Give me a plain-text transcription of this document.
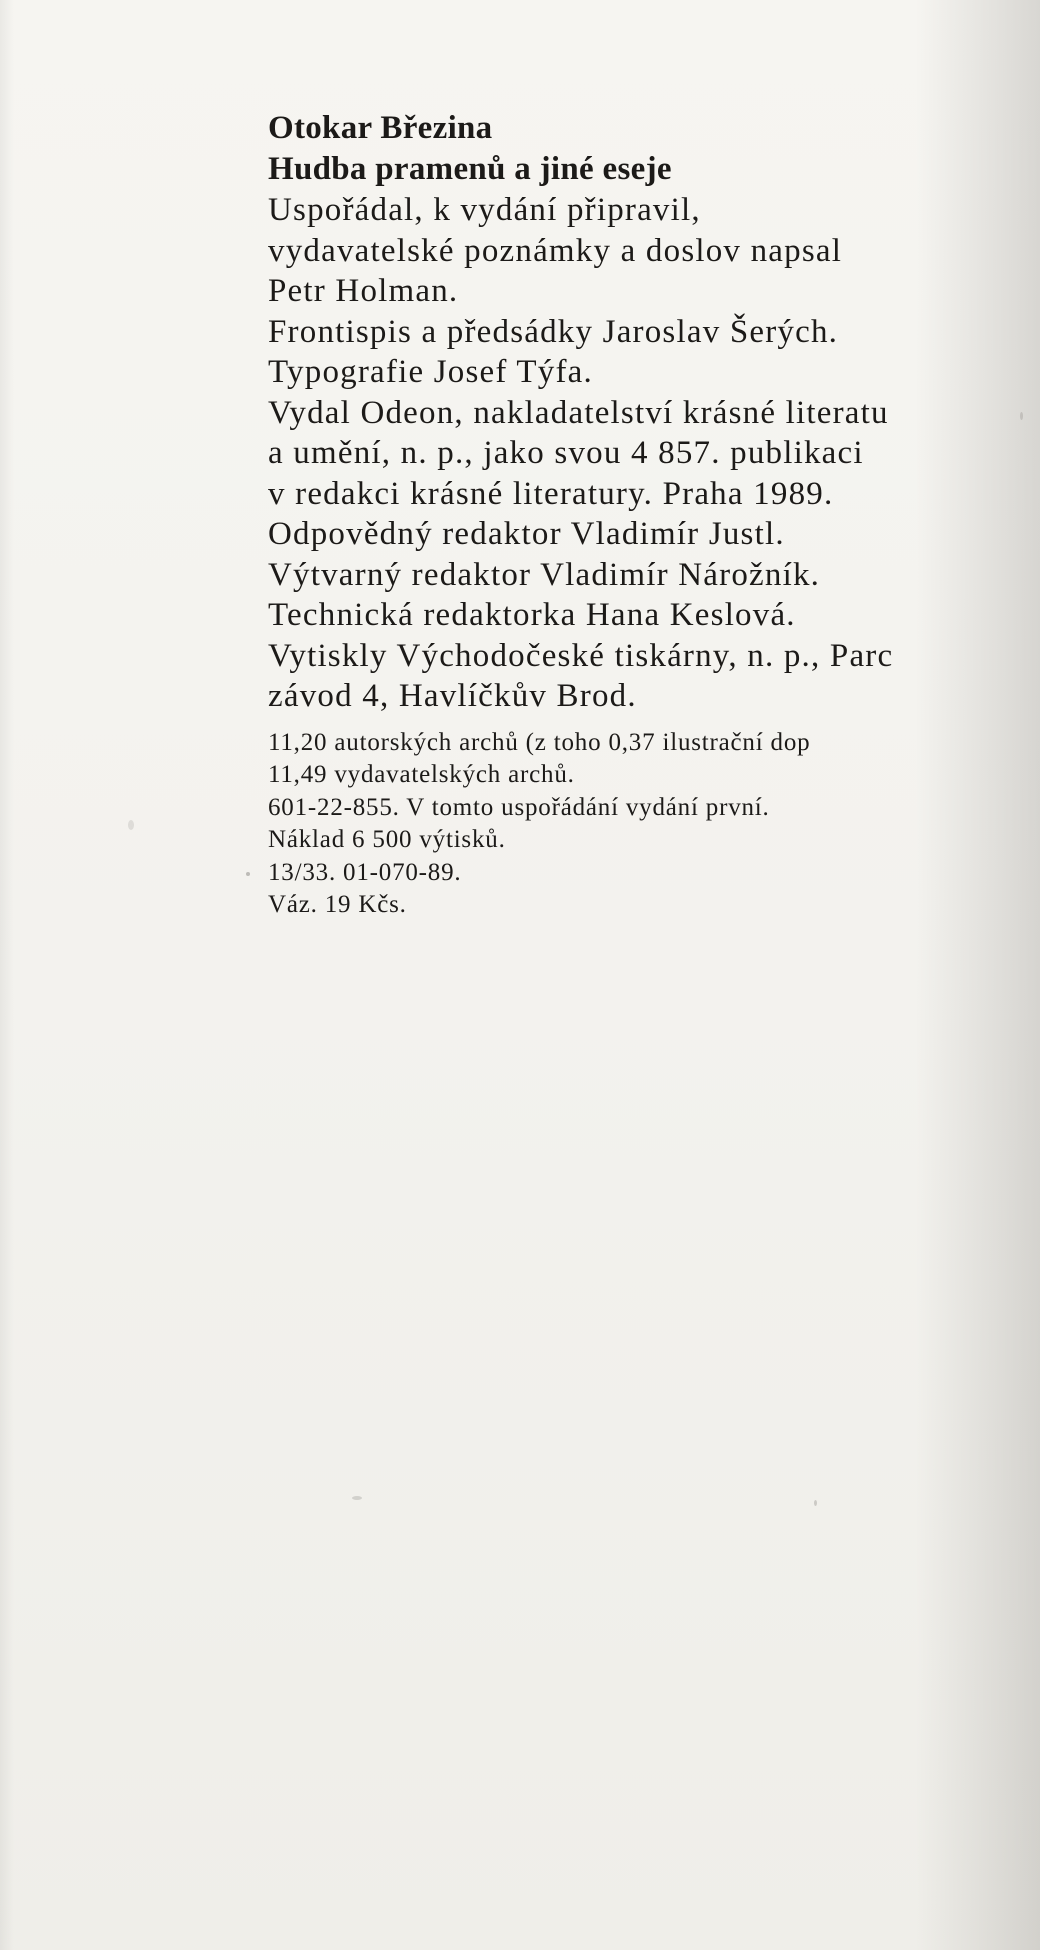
Otokar Březina
Hudba pramenů a jiné eseje
Uspořádal, k vydání připravil,
vydavatelské poznámky a doslov napsal
Petr Holman.
Frontispis a předsádky Jaroslav Šerých.
Typografie Josef Týfa.
Vydal Odeon, nakladatelství krásné literatu
a umění, n. p., jako svou 4 857. publikaci
v redakci krásné literatury. Praha 1989.
Odpovědný redaktor Vladimír Justl.
Výtvarný redaktor Vladimír Nárožník.
Technická redaktorka Hana Keslová.
Vytiskly Východočeské tiskárny, n. p., Parc
závod 4, Havlíčkův Brod.
11,20 autorských archů (z toho 0,37 ilustrační dop
11,49 vydavatelských archů.
601-22-855. V tomto uspořádání vydání první.
Náklad 6 500 výtisků.
13/33. 01-070-89.
Váz. 19 Kčs.
